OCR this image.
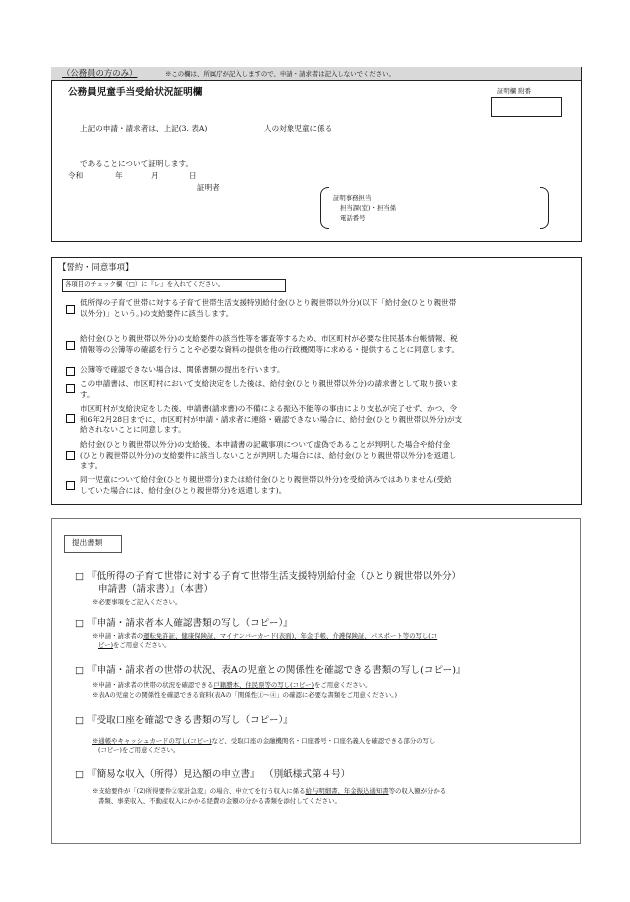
（公務員の方のみ）	※この欄は、所属庁が記入しますので、申請・請求者は記入しないでください。
公務員児童手当受給状況証明欄	証明欄 附番
上記の申請・請求者は、上記(3. 表A)	人の対象児童に係る
であることについて証明します。
令和	年	月	日
証明者
証明事務担当
担当課(室)・担当係
電話番号
【誓約・同意事項】
各項目のチェック欄（□）に『レ』を入れてください。
低所得の子育て世帯に対する子育て世帯生活支援特別給付金(ひとり親世帯以外分)(以下「給付金(ひとり親世帯
以外分)」という。)の支給要件に該当します。
給付金(ひとり親世帯以外分)の支給要件の該当性等を審査等するため、市区町村が必要な住民基本台帳情報、税
情報等の公簿等の確認を行うことや必要な資料の提供を他の行政機関等に求める・提供することに同意します。
公簿等で確認できない場合は、関係書類の提出を行います。
この申請書は、市区町村において支給決定をした後は、給付金(ひとり親世帯以外分)の請求書として取り扱いま
す。
市区町村が支給決定をした後、申請書(請求書)の不備による振込不能等の事由により支払が完了せず、かつ、令
和6年2月28日までに、市区町村が申請・請求者に連絡・確認できない場合に、給付金(ひとり親世帯以外分)が支
給されないことに同意します。
給付金(ひとり親世帯以外分)の支給後、本申請書の記載事項について虚偽であることが判明した場合や給付金
(ひとり親世帯以外分)の支給要件に該当しないことが判明した場合には、給付金(ひとり親世帯以外分)を返還し
ます。
同一児童について給付金(ひとり親世帯分)または給付金(ひとり親世帯以外分)を受給済みではありません(受給
していた場合には、給付金(ひとり親世帯分)を返還します)。
提出書類
□ 『低所得の子育て世帯に対する子育て世帯生活支援特別給付金（ひとり親世帯以外分）
申請書（請求書）』（本書）
※必要事項をご記入ください。
□ 『申請・請求者本人確認書類の写し（コピー）』
※申請・請求者の運転免許証、健康保険証、マイナンバーカード(表面)、年金手帳、介護保険証、パスポート等の写し(コ
ピー)をご用意ください。
□ 『申請・請求者の世帯の状況、表Aの児童との関係性を確認できる書類の写し(コピー)』
※申請・請求者の世帯の状況を確認できる戸籍謄本、住民票等の写し(コピー)をご用意ください。
※表Aの児童との関係性を確認できる資料(表Aの「関係性①～④」の確認に必要な書類をご用意ください。)
□ 『受取口座を確認できる書類の写し（コピー）』
※通帳やキャッシュカードの写し(コピー)など、受取口座の金融機関名・口座番号・口座名義人を確認できる部分の写し
(コピー)をご用意ください。
□ 『簡易な収入（所得）見込額の申立書』 （別紙様式第４号）
※支給要件が「(2)所得要件②家計急変」の場合、申立てを行う収入に係る給与明細書、年金振込通知書等の収入額が分かる
書類、事業収入、不動産収入にかかる経費の金額の分かる書類を添付してください。
